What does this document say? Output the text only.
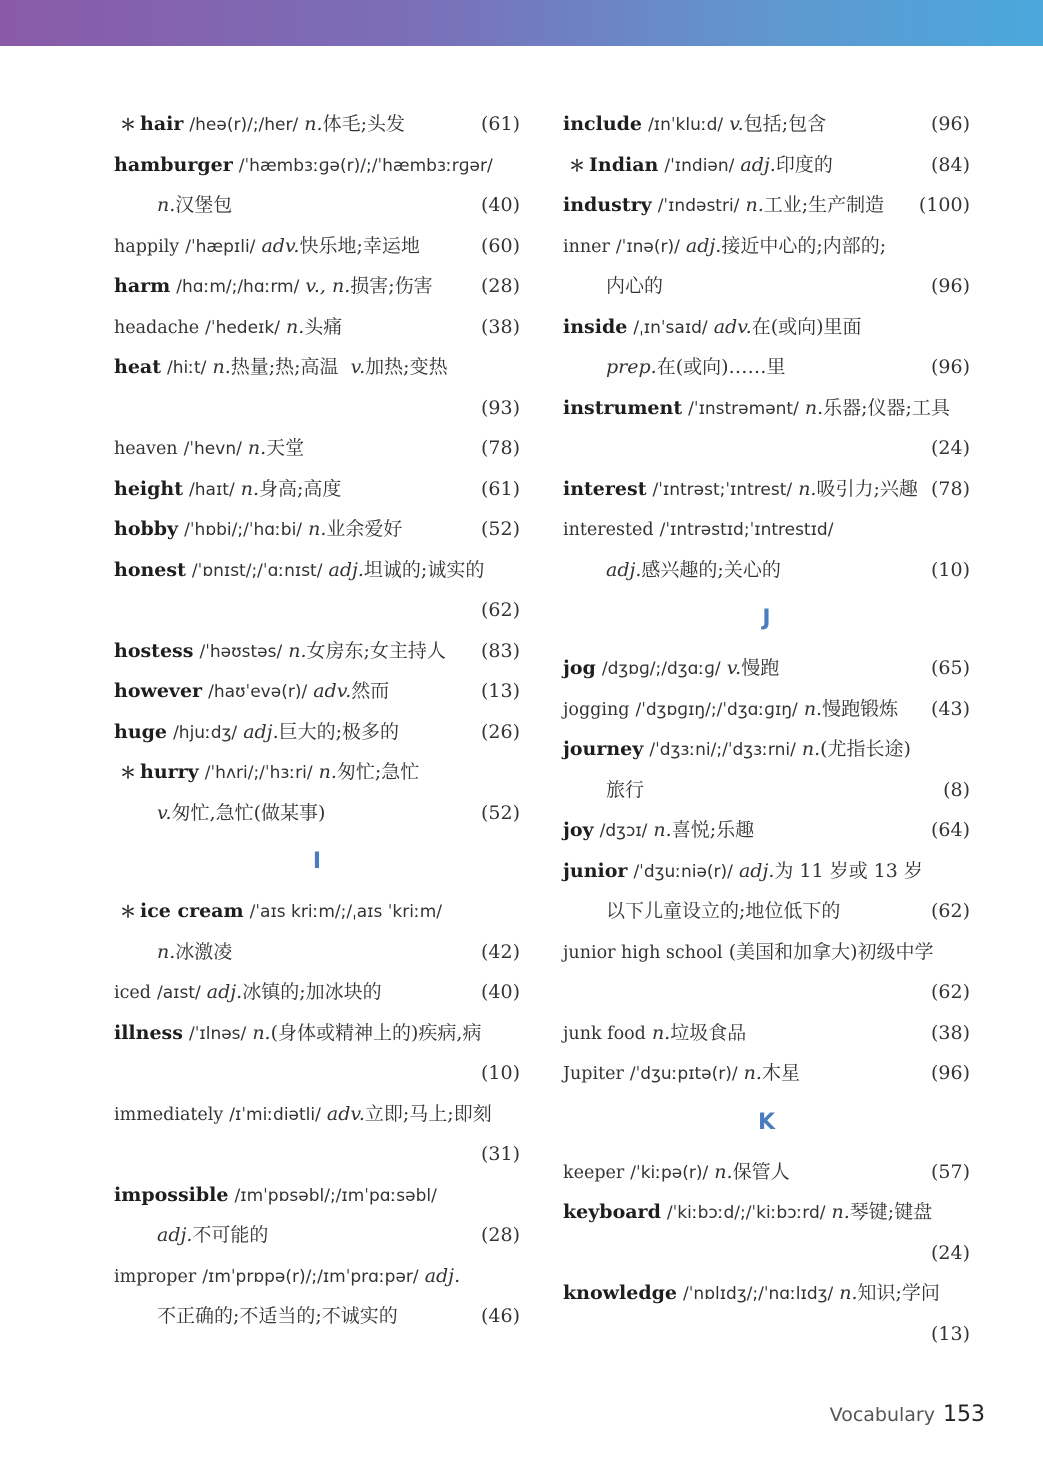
＊ hair /heə(r)/;/her/ n.体毛;头发	(61)
hamburger /ˈhæmbɜːɡə(r)/;/ˈhæmbɜːrɡər/
n.汉堡包	(40)
happily /ˈhæpɪli/ adv.快乐地;幸运地	(60)
harm /hɑːm/;/hɑːrm/ v., n.损害;伤害	(28)
headache /ˈhedeɪk/ n.头痛	(38)
heat /hiːt/ n.热量;热;高温 v.加热;变热
(93)
heaven /ˈhevn/ n.天堂	(78)
height /haɪt/ n.身高;高度	(61)
hobby /ˈhɒbi/;/ˈhɑːbi/ n.业余爱好	(52)
honest /ˈɒnɪst/;/ˈɑːnɪst/ adj.坦诚的;诚实的
(62)
hostess /ˈhəʊstəs/ n.女房东;女主持人 (83)
however /haʊˈevə(r)/ adv.然而	(13)
huge /hjuːdʒ/ adj.巨大的;极多的	(26)
＊ hurry /ˈhʌri/;/ˈhɜːri/ n.匆忙;急忙
v.匆忙,急忙(做某事)	(52)
I
＊ ice cream /ˈaɪs kriːm/;/ˌaɪs ˈkriːm/
n.冰激凌	(42)
iced /aɪst/ adj.冰镇的;加冰块的	(40)
illness /ˈɪlnəs/ n.(身体或精神上的)疾病,病
(10)
immediately /ɪˈmiːdiətli/ adv.立即;马上;即刻
(31)
impossible /ɪmˈpɒsəbl/;/ɪmˈpɑːsəbl/
adj.不可能的	(28)
improper /ɪmˈprɒpə(r)/;/ɪmˈprɑːpər/ adj.
不正确的;不适当的;不诚实的	(46)
include /ɪnˈkluːd/ v.包括;包含	(96)
＊ Indian /ˈɪndiən/ adj.印度的	(84)
industry /ˈɪndəstri/ n.工业;生产制造 (100)
inner /ˈɪnə(r)/ adj.接近中心的;内部的;
内心的	(96)
inside /ˌɪnˈsaɪd/ adv.在(或向)里面
prep.在(或向)……里	(96)
instrument /ˈɪnstrəmənt/ n.乐器;仪器;工具
(24)
interest /ˈɪntrəst;ˈɪntrest/ n.吸引力;兴趣 (78)
interested /ˈɪntrəstɪd;ˈɪntrestɪd/
adj.感兴趣的;关心的	(10)
J
jog /dʒɒɡ/;/dʒɑːɡ/ v.慢跑	(65)
jogging /ˈdʒɒɡɪŋ/;/ˈdʒɑːɡɪŋ/ n.慢跑锻炼 (43)
journey /ˈdʒɜːni/;/ˈdʒɜːrni/ n.(尤指长途)
旅行	(8)
joy /dʒɔɪ/ n.喜悦;乐趣	(64)
junior /ˈdʒuːniə(r)/ adj.为 11 岁或 13 岁
以下儿童设立的;地位低下的	(62)
junior high school (美国和加拿大)初级中学
(62)
junk food n.垃圾食品	(38)
Jupiter /ˈdʒuːpɪtə(r)/ n.木星	(96)
K
keeper /ˈkiːpə(r)/ n.保管人	(57)
keyboard /ˈkiːbɔːd/;/ˈkiːbɔːrd/ n.琴键;键盘
(24)
knowledge /ˈnɒlɪdʒ/;/ˈnɑːlɪdʒ/ n.知识;学问
(13)
Vocabulary 153
